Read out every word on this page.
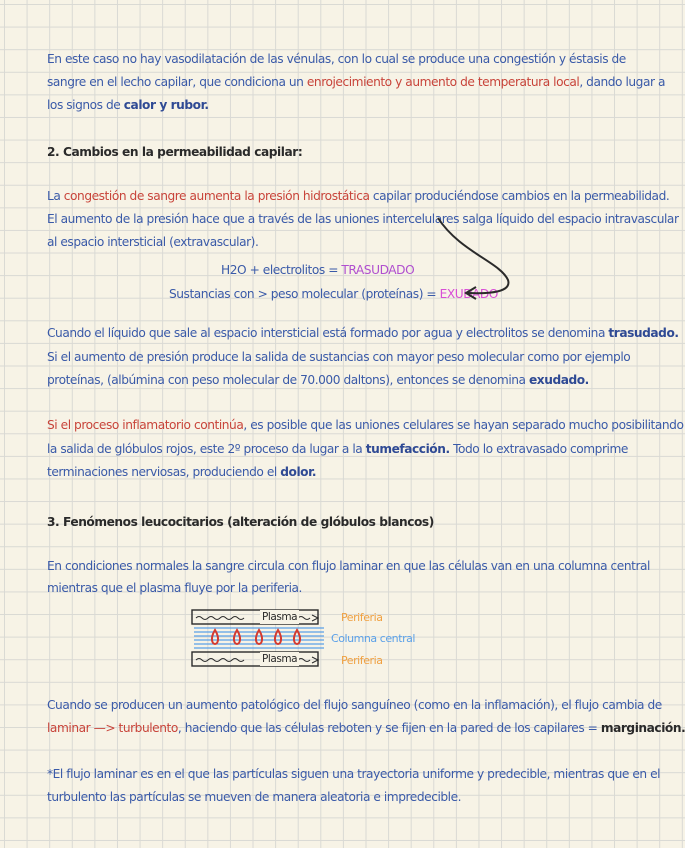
En este caso no hay vasodilatación de las vénulas, con lo cual se produce una congestión y éstasis de
sangre en el lecho capilar, que condiciona un enrojecimiento y aumento de temperatura local, dando lugar a
los signos de calor y rubor.
2. Cambios en la permeabilidad capilar:
La congestión de sangre aumenta la presión hidrostática capilar produciéndose cambios en la permeabilidad.
El aumento de la presión hace que a través de las uniones intercelulares salga líquido del espacio intravascular
al espacio intersticial (extravascular).
H2O + electrolitos = TRASUDADO
Sustancias con > peso molecular (proteínas) = EXUDADO
Cuando el líquido que sale al espacio intersticial está formado por agua y electrolitos se denomina trasudado.
Si el aumento de presión produce la salida de sustancias con mayor peso molecular como por ejemplo
proteínas, (albúmina con peso molecular de 70.000 daltons), entonces se denomina exudado.
Si el proceso inflamatorio continúa, es posible que las uniones celulares se hayan separado mucho posibilitando
la salida de glóbulos rojos, este 2º proceso da lugar a la tumefacción. Todo lo extravasado comprime
terminaciones nerviosas, produciendo el dolor.
3. Fenómenos leucocitarios (alteración de glóbulos blancos)
En condiciones normales la sangre circula con flujo laminar en que las células van en una columna central
mientras que el plasma fluye por la periferia.
Plasma
Plasma
Periferia
Columna central
Periferia
Cuando se producen un aumento patológico del flujo sanguíneo (como en la inflamación), el flujo cambia de
laminar —> turbulento, haciendo que las células reboten y se fijen en la pared de los capilares = marginación.
*El flujo laminar es en el que las partículas siguen una trayectoria uniforme y predecible, mientras que en el
turbulento las partículas se mueven de manera aleatoria e impredecible.
